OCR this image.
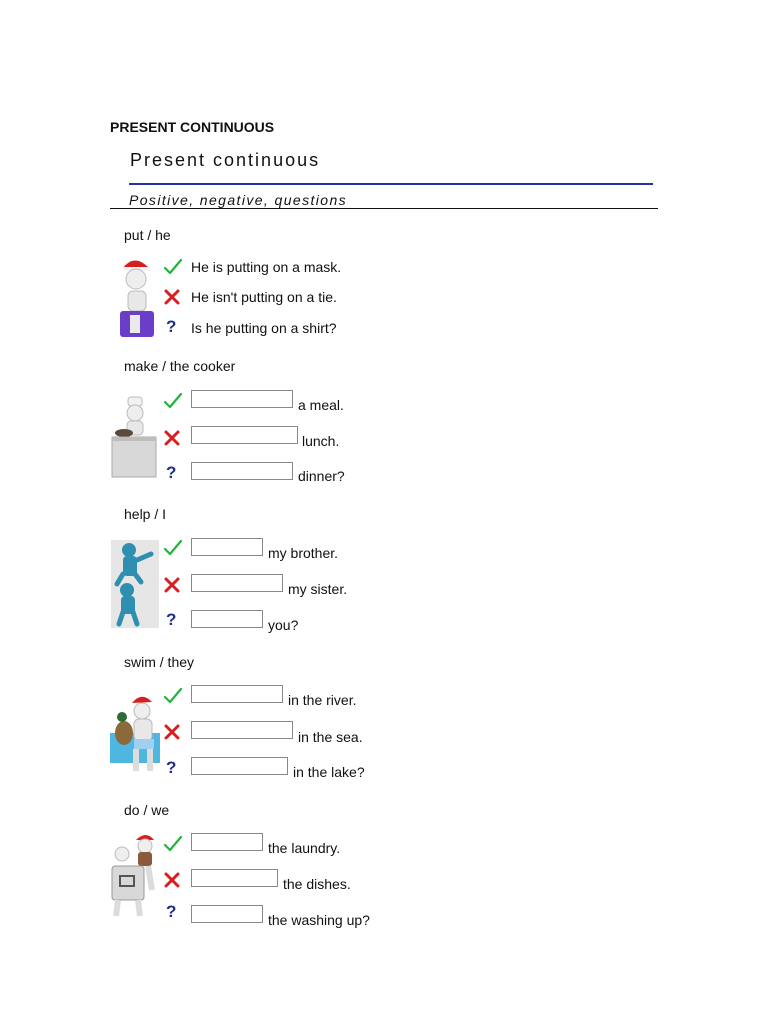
PRESENT CONTINUOUS
Present continuous
Positive, negative, questions
put / he
He is putting on a mask.
He isn't putting on a tie.
? Is he putting on a shirt?
make / the cooker
a meal.
lunch.
?	dinner?
help / I
my brother.
my sister.
?	you?
swim / they
in the river.
in the sea.
?	in the lake?
do / we
the laundry.
the dishes.
?	the washing up?
